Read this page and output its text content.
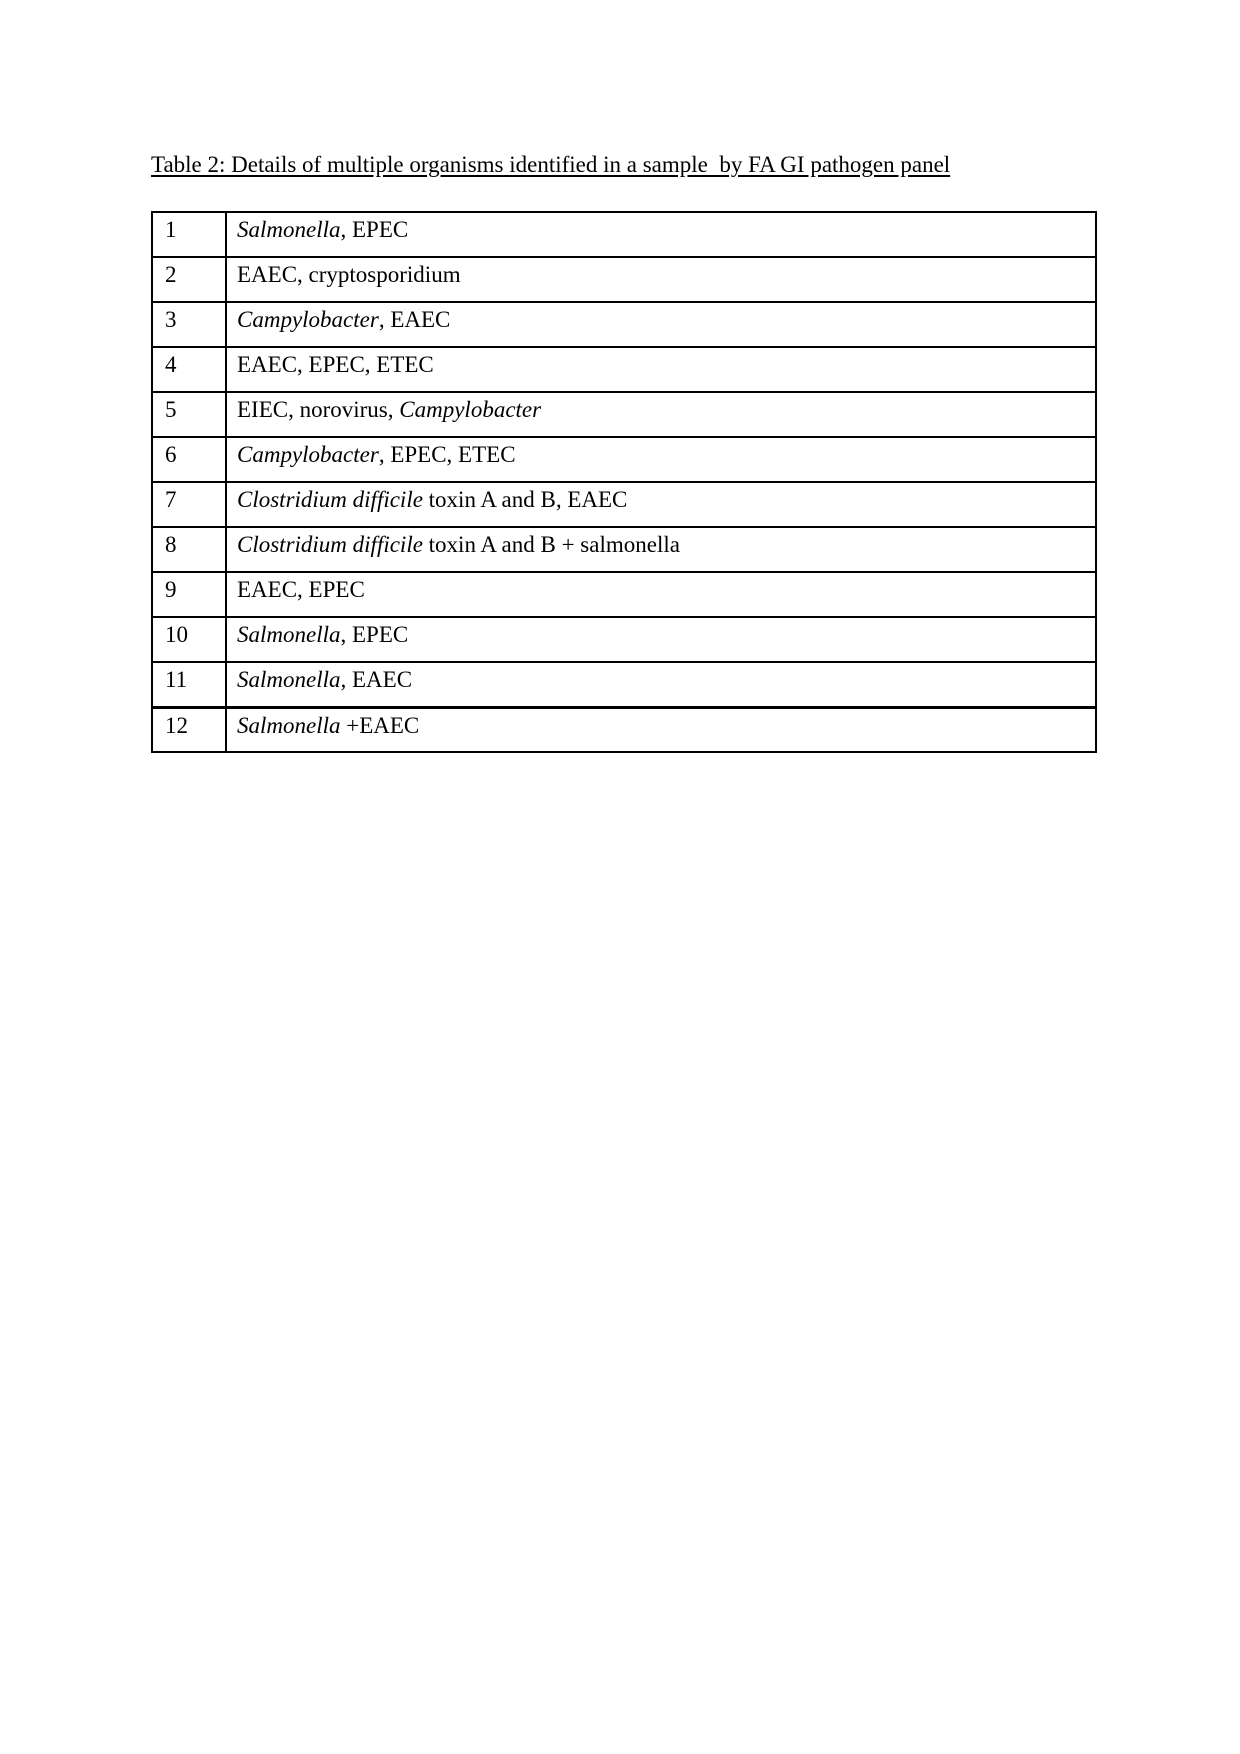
Table 2: Details of multiple organisms identified in a sample  by FA GI pathogen panel

1	Salmonella, EPEC

2	EAEC, cryptosporidium

3	Campylobacter, EAEC

4	EAEC, EPEC, ETEC

5	EIEC, norovirus, Campylobacter

6	Campylobacter, EPEC, ETEC

7	Clostridium difficile toxin A and B, EAEC

8	Clostridium difficile toxin A and B + salmonella

9	EAEC, EPEC

10	Salmonella, EPEC

11	Salmonella, EAEC

12	Salmonella +EAEC
